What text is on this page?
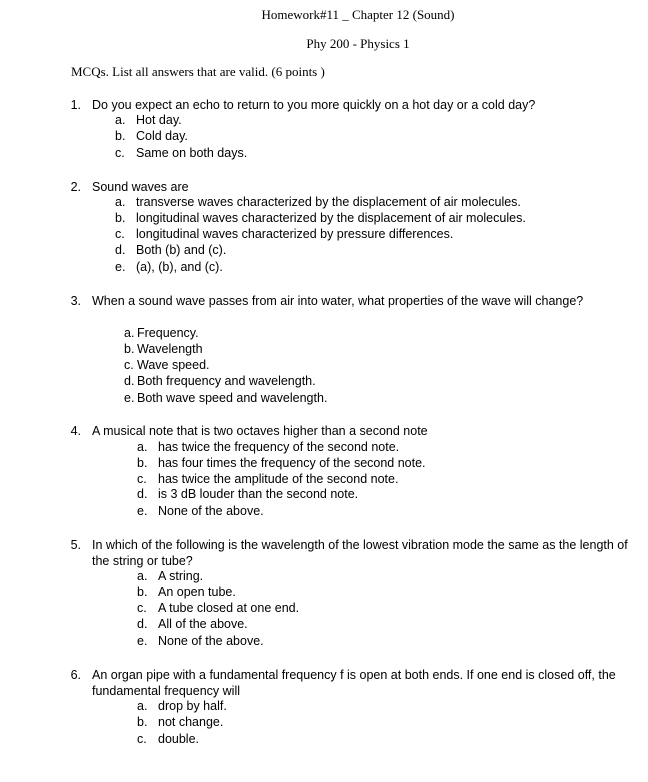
Homework#11 _ Chapter 12 (Sound)
Phy 200 - Physics 1
MCQs. List all answers that are valid. (6 points )
1. Do you expect an echo to return to you more quickly on a hot day or a cold day?
a. Hot day.
b. Cold day.
c. Same on both days.
2. Sound waves are
a. transverse waves characterized by the displacement of air molecules.
b. longitudinal waves characterized by the displacement of air molecules.
c. longitudinal waves characterized by pressure differences.
d. Both (b) and (c).
e. (a), (b), and (c).
3. When a sound wave passes from air into water, what properties of the wave will change?
a. Frequency.
b. Wavelength
c. Wave speed.
d. Both frequency and wavelength.
e. Both wave speed and wavelength.
4. A musical note that is two octaves higher than a second note
a. has twice the frequency of the second note.
b. has four times the frequency of the second note.
c. has twice the amplitude of the second note.
d. is 3 dB louder than the second note.
e. None of the above.
5. In which of the following is the wavelength of the lowest vibration mode the same as the length of the string or tube?
a. A string.
b. An open tube.
c. A tube closed at one end.
d. All of the above.
e. None of the above.
6. An organ pipe with a fundamental frequency f is open at both ends. If one end is closed off, the fundamental frequency will
a. drop by half.
b. not change.
c. double.
